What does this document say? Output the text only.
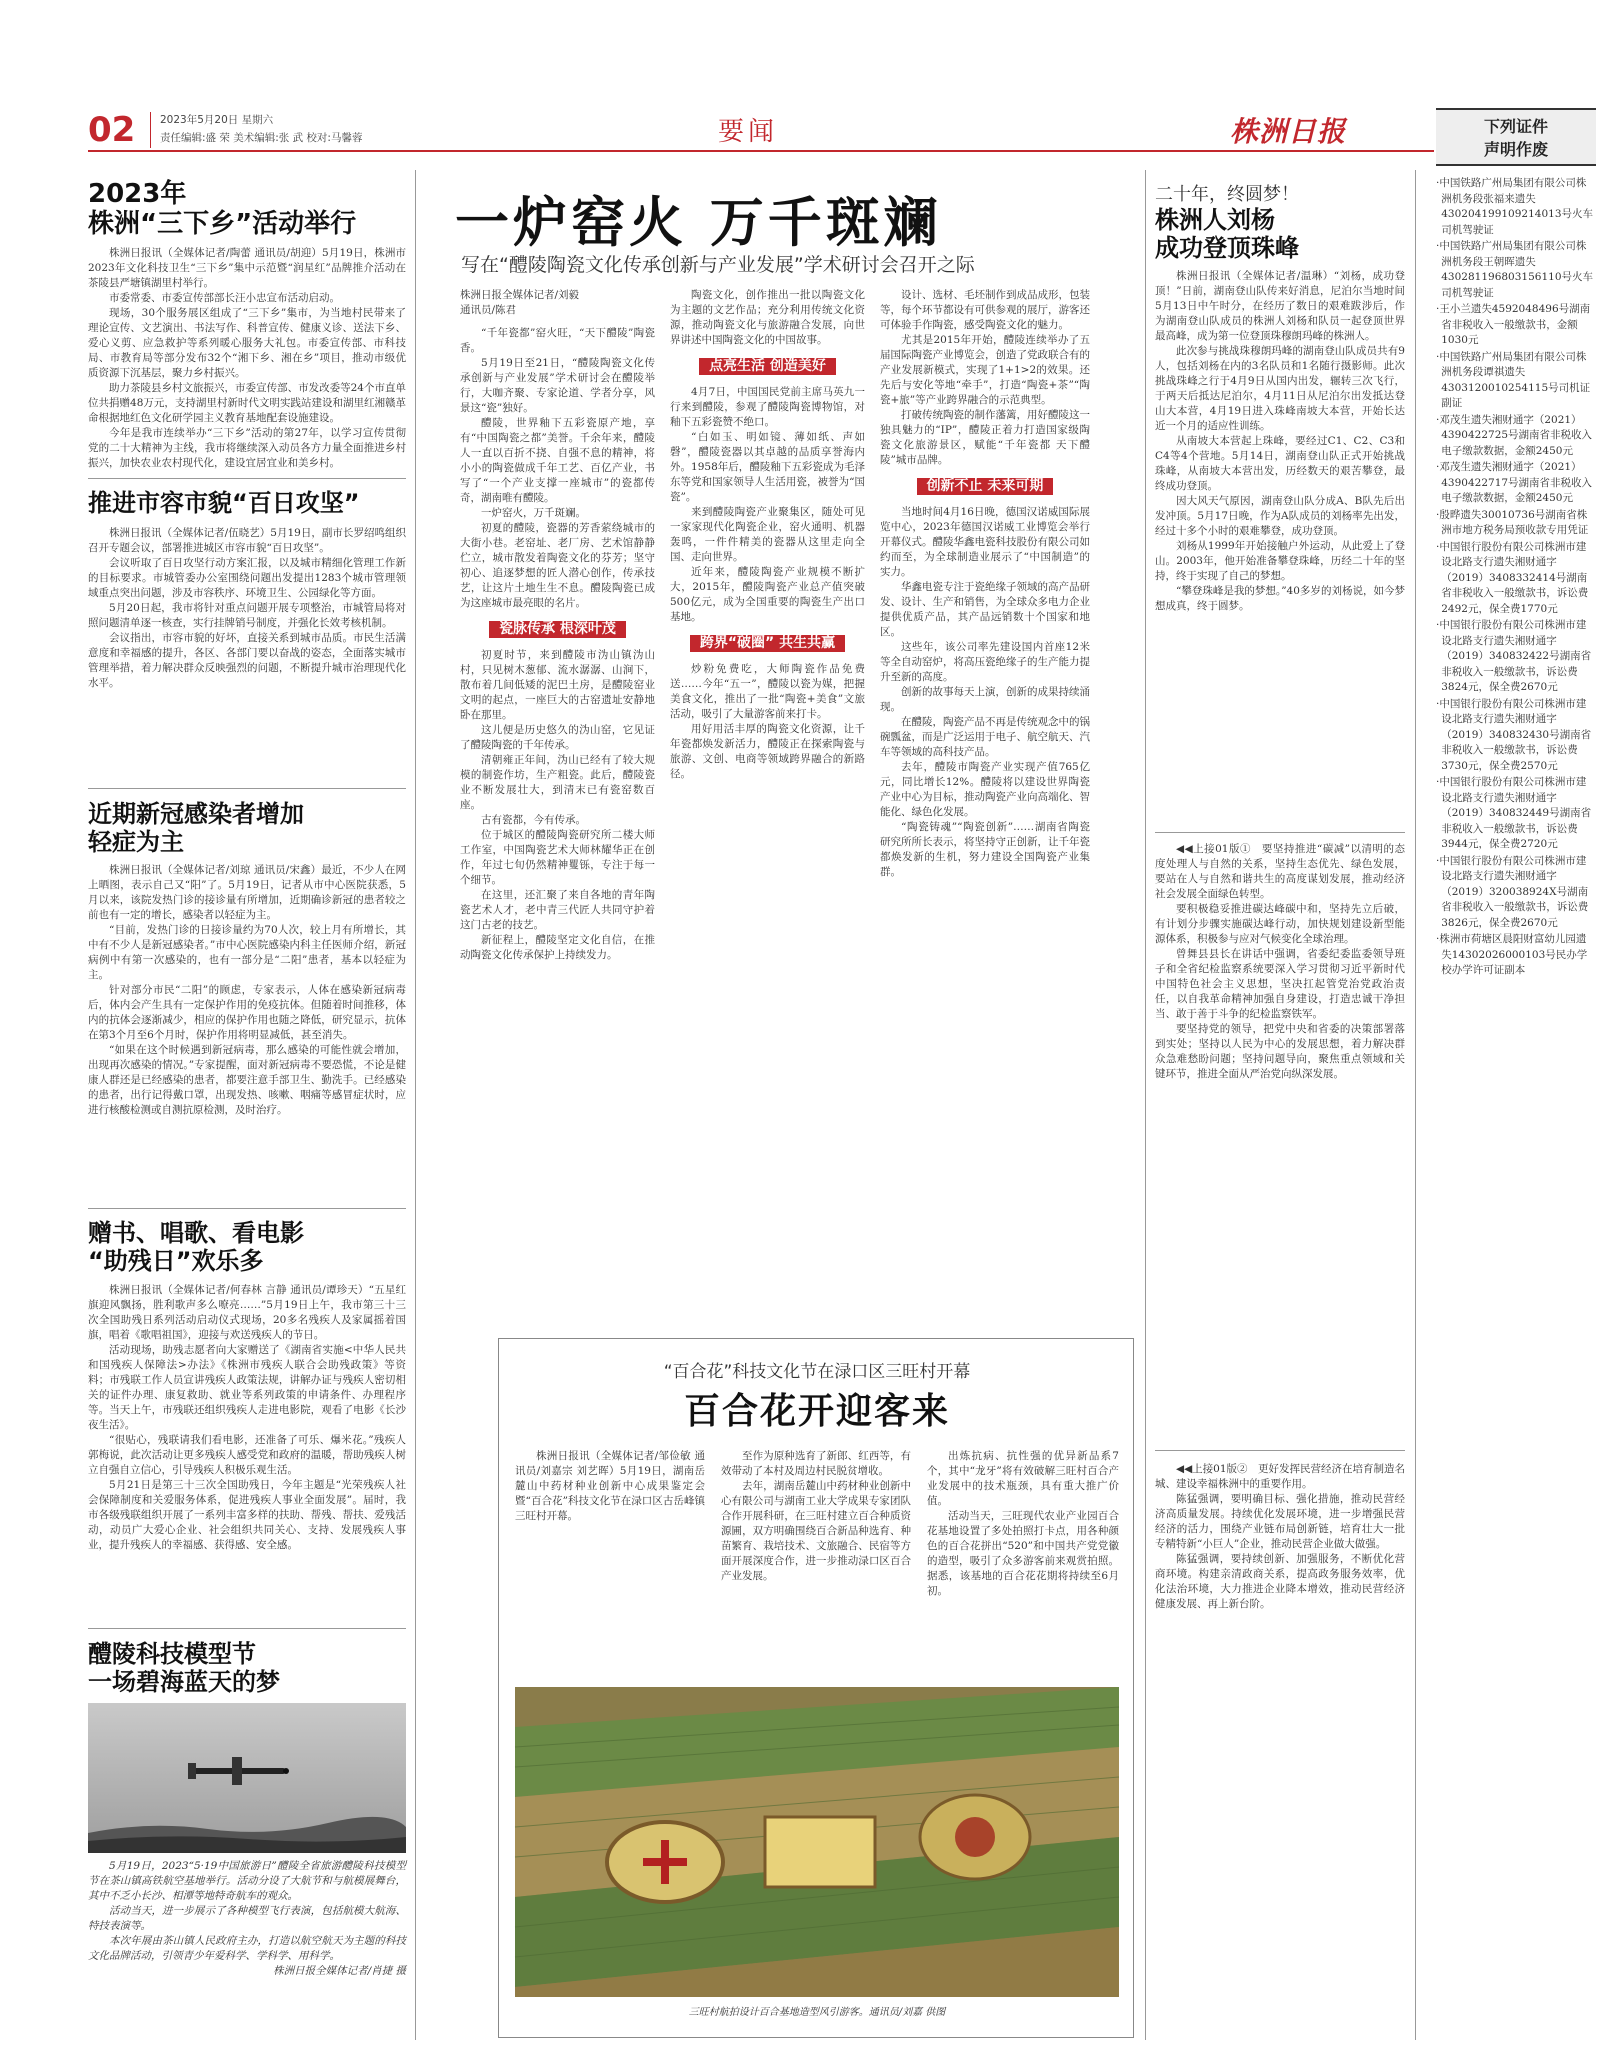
02 2023年5月20日 星期六
责任编辑:盛 荣 美术编辑:张 武 校对:马馨蓉	要闻	株洲日报
2023年
株洲“三下乡”活动举行

株洲日报讯（全媒体记者/陶蕾 通讯员/胡迎）5月19日，株洲市2023年文化科技卫生“三下乡”集中示范暨“润星红”品牌推介活动在茶陵县严塘镇湖里村举行。

市委常委、市委宣传部部长汪小忠宣布活动启动。

现场，30个服务展区组成了“三下乡”集市，为当地村民带来了理论宣传、文艺演出、书法写作、科普宣传、健康义诊、送法下乡、爱心义剪、应急救护等系列暖心服务大礼包。市委宣传部、市科技局、市教育局等部分发布32个“湘下乡、湘在乡”项目，推动市级优质资源下沉基层，聚力乡村振兴。

助力茶陵县乡村文旅振兴，市委宣传部、市发改委等24个市直单位共捐赠48万元，支持湖里村新时代文明实践站建设和湖里红湘赣革命根据地红色文化研学园主义教育基地配套设施建设。

今年是我市连续举办“三下乡”活动的第27年，以学习宣传贯彻党的二十大精神为主线，我市将继续深入动员各方力量全面推进乡村振兴，加快农业农村现代化，建设宜居宜业和美乡村。

推进市容市貌“百日攻坚”

株洲日报讯（全媒体记者/伍晓艺）5月19日，副市长罗绍鸣组织召开专题会议，部署推进城区市容市貌“百日攻坚”。

会议听取了百日攻坚行动方案汇报，以及城市精细化管理工作新的目标要求。市城管委办公室围绕问题出发提出1283个城市管理领域重点突出问题，涉及市容秩序、环境卫生、公园绿化等方面。

5月20日起，我市将针对重点问题开展专项整治，市城管局将对照问题清单逐一核查，实行挂牌销号制度，并强化长效考核机制。

会议指出，市容市貌的好坏，直接关系到城市品质。市民生活满意度和幸福感的提升，各区、各部门要以奋战的姿态，全面落实城市管理举措，着力解决群众反映强烈的问题，不断提升城市治理现代化水平。

近期新冠感染者增加
轻症为主

株洲日报讯（全媒体记者/刘琼 通讯员/宋鑫）最近，不少人在网上晒图，表示自己又“阳”了。5月19日，记者从市中心医院获悉，5月以来，该院发热门诊的接诊量有所增加，近期确诊新冠的患者较之前也有一定的增长，感染者以轻症为主。

“目前，发热门诊的日接诊量约为70人次，较上月有所增长，其中有不少人是新冠感染者。”市中心医院感染内科主任医师介绍，新冠病例中有第一次感染的，也有一部分是“二阳”患者，基本以轻症为主。

针对部分市民“二阳”的顾虑，专家表示，人体在感染新冠病毒后，体内会产生具有一定保护作用的免疫抗体。但随着时间推移，体内的抗体会逐渐减少，相应的保护作用也随之降低，研究显示，抗体在第3个月至6个月时，保护作用将明显减低，甚至消失。

“如果在这个时候遇到新冠病毒，那么感染的可能性就会增加，出现再次感染的情况。”专家提醒，面对新冠病毒不要恐慌，不论是健康人群还是已经感染的患者，都要注意手部卫生、勤洗手。已经感染的患者，出行记得戴口罩，出现发热、咳嗽、咽痛等感冒症状时，应进行核酸检测或自测抗原检测，及时治疗。

赠书、唱歌、看电影
“助残日”欢乐多

株洲日报讯（全媒体记者/何春林 言静 通讯员/谭珍天）“五星红旗迎风飘扬，胜利歌声多么嘹亮……”5月19日上午，我市第三十三次全国助残日系列活动启动仪式现场，20多名残疾人及家属摇着国旗，唱着《歌唱祖国》，迎接与欢送残疾人的节日。

活动现场，助残志愿者向大家赠送了《湖南省实施<中华人民共和国残疾人保障法>办法》《株洲市残疾人联合会助残政策》等资料；市残联工作人员宣讲残疾人政策法规，讲解办证与残疾人密切相关的证件办理、康复救助、就业等系列政策的申请条件、办理程序等。当天上午，市残联还组织残疾人走进电影院，观看了电影《长沙夜生活》。

“很贴心，残联请我们看电影，还准备了可乐、爆米花。”残疾人郭梅说，此次活动让更多残疾人感受党和政府的温暖，帮助残疾人树立自强自立信心，引导残疾人积极乐观生活。

5月21日是第三十三次全国助残日，今年主题是“光荣残疾人社会保障制度和关爱服务体系，促进残疾人事业全面发展”。届时，我市各级残联组织开展了一系列丰富多样的扶助、帮残、帮扶、爱残活动，动员广大爱心企业、社会组织共同关心、支持、发展残疾人事业，提升残疾人的幸福感、获得感、安全感。

醴陵科技模型节
一场碧海蓝天的梦

5月19日，2023“5·19中国旅游日”醴陵全省旅游醴陵科技模型节在茶山镇高铁航空基地举行。活动分设了大航节和与航模展舞台，其中不乏小长沙、相潭等地特奇航车的观众。

活动当天，进一步展示了各种模型飞行表演，包括航模大航海、特技表演等。

本次年展由茶山镇人民政府主办，打造以航空航天为主题的科技文化品牌活动，引领青少年爱科学、学科学、用科学。

株洲日报全媒体记者/肖捷 摄

一炉窑火 万千斑斓
写在“醴陵陶瓷文化传承创新与产业发展”学术研讨会召开之际
株洲日报全媒体记者/刘毅
通讯员/陈君

“千年瓷都”窑火旺，“天下醴陵”陶瓷香。

5月19日至21日，“醴陵陶瓷文化传承创新与产业发展”学术研讨会在醴陵举行，大咖齐聚、专家论道、学者分享，风景这“瓷”独好。

醴陵，世界釉下五彩瓷原产地，享有“中国陶瓷之都”美誉。千余年来，醴陵人一直以百折不挠、自强不息的精神，将小小的陶瓷做成千年工艺、百亿产业，书写了“一个产业支撑一座城市”的瓷都传奇，湖南唯有醴陵。

一炉窑火，万千斑斓。

初夏的醴陵，瓷器的芳香萦绕城市的大街小巷。老窑址、老厂房、艺术馆静静伫立，城市散发着陶瓷文化的芬芳；坚守初心、追逐梦想的匠人潜心创作，传承技艺，让这片土地生生不息。醴陵陶瓷已成为这座城市最亮眼的名片。

瓷脉传承 根深叶茂

初夏时节，来到醴陵市沩山镇沩山村，只见树木葱郁、流水潺潺、山涧下，散布着几间低矮的泥巴土房，是醴陵窑业文明的起点，一座巨大的古窑遗址安静地卧在那里。

这儿便是历史悠久的沩山窑，它见证了醴陵陶瓷的千年传承。

清朝雍正年间，沩山已经有了较大规模的制瓷作坊，生产粗瓷。此后，醴陵瓷业不断发展壮大，到清末已有瓷窑数百座。

古有瓷都，今有传承。

位于城区的醴陵陶瓷研究所二楼大师工作室，中国陶瓷艺术大师林耀华正在创作，年过七旬仍然精神矍铄，专注于每一个细节。

在这里，还汇聚了来自各地的青年陶瓷艺术人才，老中青三代匠人共同守护着这门古老的技艺。

新征程上，醴陵坚定文化自信，在推动陶瓷文化传承保护上持续发力。

陶瓷文化，创作推出一批以陶瓷文化为主题的文艺作品；充分利用传统文化资源，推动陶瓷文化与旅游融合发展，向世界讲述中国陶瓷文化的中国故事。

点亮生活 创造美好

4月7日，中国国民党前主席马英九一行来到醴陵，参观了醴陵陶瓷博物馆，对釉下五彩瓷赞不绝口。

“白如玉、明如镜、薄如纸、声如磬”，醴陵瓷器以其卓越的品质享誉海内外。1958年后，醴陵釉下五彩瓷成为毛泽东等党和国家领导人生活用瓷，被誉为“国瓷”。

来到醴陵陶瓷产业聚集区，随处可见一家家现代化陶瓷企业，窑火通明、机器轰鸣，一件件精美的瓷器从这里走向全国、走向世界。

近年来，醴陵陶瓷产业规模不断扩大，2015年，醴陵陶瓷产业总产值突破500亿元，成为全国重要的陶瓷生产出口基地。

跨界“破圈” 共生共赢

炒粉免费吃，大师陶瓷作品免费送……今年“五一”，醴陵以瓷为媒，把握美食文化，推出了一批“陶瓷+美食”文旅活动，吸引了大量游客前来打卡。

用好用活丰厚的陶瓷文化资源，让千年瓷都焕发新活力，醴陵正在探索陶瓷与旅游、文创、电商等领域跨界融合的新路径。

设计、选材、毛坯制作到成品成形，包装等，每个环节都设有可供参观的展厅，游客还可体验手作陶瓷，感受陶瓷文化的魅力。

尤其是2015年开始，醴陵连续举办了五届国际陶瓷产业博览会，创造了党政联合有的产业发展新模式，实现了1+1>2的效果。还先后与安化等地“牵手”，打造“陶瓷+茶”“陶瓷+旅”等产业跨界融合的示范典型。

打破传统陶瓷的制作藩篱，用好醴陵这一独具魅力的“IP”，醴陵正着力打造国家级陶瓷文化旅游景区，赋能“千年瓷都 天下醴陵”城市品牌。

创新不止 未来可期

当地时间4月16日晚，德国汉诺威国际展览中心，2023年德国汉诺威工业博览会举行开幕仪式。醴陵华鑫电瓷科技股份有限公司如约而至，为全球制造业展示了“中国制造”的实力。

华鑫电瓷专注于瓷绝缘子领域的高产品研发、设计、生产和销售，为全球众多电力企业提供优质产品，其产品远销数十个国家和地区。

这些年，该公司率先建设国内首座12米等全自动窑炉，将高压瓷绝缘子的生产能力提升至新的高度。

创新的故事每天上演，创新的成果持续涌现。

在醴陵，陶瓷产品不再是传统观念中的锅碗瓢盆，而是广泛运用于电子、航空航天、汽车等领域的高科技产品。

去年，醴陵市陶瓷产业实现产值765亿元，同比增长12%。醴陵将以建设世界陶瓷产业中心为目标，推动陶瓷产业向高端化、智能化、绿色化发展。

“陶瓷铸魂”“陶瓷创新”……湖南省陶瓷研究所所长表示，将坚持守正创新，让千年瓷都焕发新的生机，努力建设全国陶瓷产业集群。

“百合花”科技文化节在渌口区三旺村开幕
百合花开迎客来

株洲日报讯（全媒体记者/邹俭敏 通讯员/刘嘉宗 刘艺晖）5月19日，湖南岳麓山中药材种业创新中心成果鉴定会暨“百合花”科技文化节在渌口区古岳峰镇三旺村开幕。

至作为原种选育了新郎、红西等，有效带动了本村及周边村民脱贫增收。

去年，湖南岳麓山中药材种业创新中心有限公司与湖南工业大学成果专家团队合作开展科研，在三旺村建立百合种质资源圃，双方明确围绕百合新品种选育、种苗繁育、栽培技术、文旅融合、民宿等方面开展深度合作，进一步推动渌口区百合产业发展。

出炼抗病、抗性强的优异新品系7个，其中“龙牙”将有效破解三旺村百合产业发展中的技术瓶颈，具有重大推广价值。

活动当天，三旺现代农业产业园百合花基地设置了多处拍照打卡点，用各种颜色的百合花拼出“520”和中国共产党党徽的造型，吸引了众多游客前来观赏拍照。据悉，该基地的百合花花期将持续至6月初。

三旺村航拍设计百合基地造型风引游客。通讯员/刘嘉 供图
二十年，终圆梦！
株洲人刘杨
成功登顶珠峰

株洲日报讯（全媒体记者/温琳）“刘杨，成功登顶！”日前，湖南登山队传来好消息，尼泊尔当地时间5月13日中午时分，在经历了数日的艰难跋涉后，作为湖南登山队成员的株洲人刘杨和队员一起登顶世界最高峰，成为第一位登顶珠穆朗玛峰的株洲人。

此次参与挑战珠穆朗玛峰的湖南登山队成员共有9人，包括刘杨在内的3名队员和1名随行摄影师。此次挑战珠峰之行于4月9日从国内出发，辗转三次飞行，于两天后抵达尼泊尔，4月11日从尼泊尔出发抵达登山大本营，4月19日进入珠峰南坡大本营，开始长达近一个月的适应性训练。

从南坡大本营起上珠峰，要经过C1、C2、C3和C4等4个营地。5月14日，湖南登山队正式开始挑战珠峰，从南坡大本营出发，历经数天的艰苦攀登，最终成功登顶。

因大风天气原因，湖南登山队分成A、B队先后出发冲顶。5月17日晚，作为A队成员的刘杨率先出发，经过十多个小时的艰难攀登，成功登顶。

刘杨从1999年开始接触户外运动，从此爱上了登山。2003年，他开始准备攀登珠峰，历经二十年的坚持，终于实现了自己的梦想。

“攀登珠峰是我的梦想。”40多岁的刘杨说，如今梦想成真，终于圆梦。

◀◀上接01版①　要坚持推进“碳减”以清明的态度处理人与自然的关系，坚持生态优先、绿色发展，要站在人与自然和谐共生的高度谋划发展，推动经济社会发展全面绿色转型。

要积极稳妥推进碳达峰碳中和，坚持先立后破，有计划分步骤实施碳达峰行动，加快规划建设新型能源体系，积极参与应对气候变化全球治理。

曾舞县县长在讲话中强调，省委纪委监委领导班子和全省纪检监察系统要深入学习贯彻习近平新时代中国特色社会主义思想，坚决扛起管党治党政治责任，以自我革命精神加强自身建设，打造忠诚干净担当、敢于善于斗争的纪检监察铁军。

要坚持党的领导，把党中央和省委的决策部署落到实处；坚持以人民为中心的发展思想，着力解决群众急难愁盼问题；坚持问题导向，聚焦重点领域和关键环节，推进全面从严治党向纵深发展。

◀◀上接01版②　更好发挥民营经济在培育制造名城、建设幸福株洲中的重要作用。

陈猛强调，要明确目标、强化措施，推动民营经济高质量发展。持续优化发展环境，进一步增强民营经济的活力，围绕产业链布局创新链，培育壮大一批专精特新“小巨人”企业，推动民营企业做大做强。

陈猛强调，要持续创新、加强服务，不断优化营商环境。构建亲清政商关系，提高政务服务效率，优化法治环境，大力推进企业降本增效，推动民营经济健康发展、再上新台阶。

下列证件
声明作废
·中国铁路广州局集团有限公司株洲机务段张福来遗失4302041991092140​13号火车司机驾驶证
·中国铁路广州局集团有限公司株洲机务段王朝晖遗失430281196803156110号火车司机驾驶证
·王小兰遗失459204849​6号湖南省非税收入一般缴款书，金额1030元
·中国铁路广州局集团有限公司株洲机务段谭祺遗失4303120010254115号司机证副证
·邓茂生遗失湘财通字（2021）4390422725号湖南省非税收入电子缴款数据，金额2450元
·邓茂生遗失湘财通字（2021）4390422717号湖南省非税收入电子缴款数据，金额2450元
·殷晔遗失30010736号湖南省株洲市地方税务局预收款专用凭证
·中国银行股份有限公司株洲市建设北路支行遗失湘财通字（2019）340833241​4号湖南省非税收入一般缴款书，诉讼费2492元，保全费1770元
·中国银行股份有限公司株洲市建设北路支行遗失湘财通字（2019）340832422号湖南省非税收入一般缴款书，诉讼费3824元，保全费2670元
·中国银行股份有限公司株洲市建设北路支行遗失湘财通字（2019）340832430号湖南省非税收入一般缴款书，诉讼费3730元，保全费2570元
·中国银行股份有限公司株洲市建设北路支行遗失湘财通字（2019）340832449号湖南省非税收入一般缴款书，诉讼费3944元，保全费2720元
·中国银行股份有限公司株洲市建设北路支行遗失湘财通字（2019）320038924​X号湖南省非税收入一般缴款书，诉讼费3826元，保全费2670元
·株洲市荷塘区晨阳财富幼儿园遗失1430202600010​3号民办学校办学许可证副本
